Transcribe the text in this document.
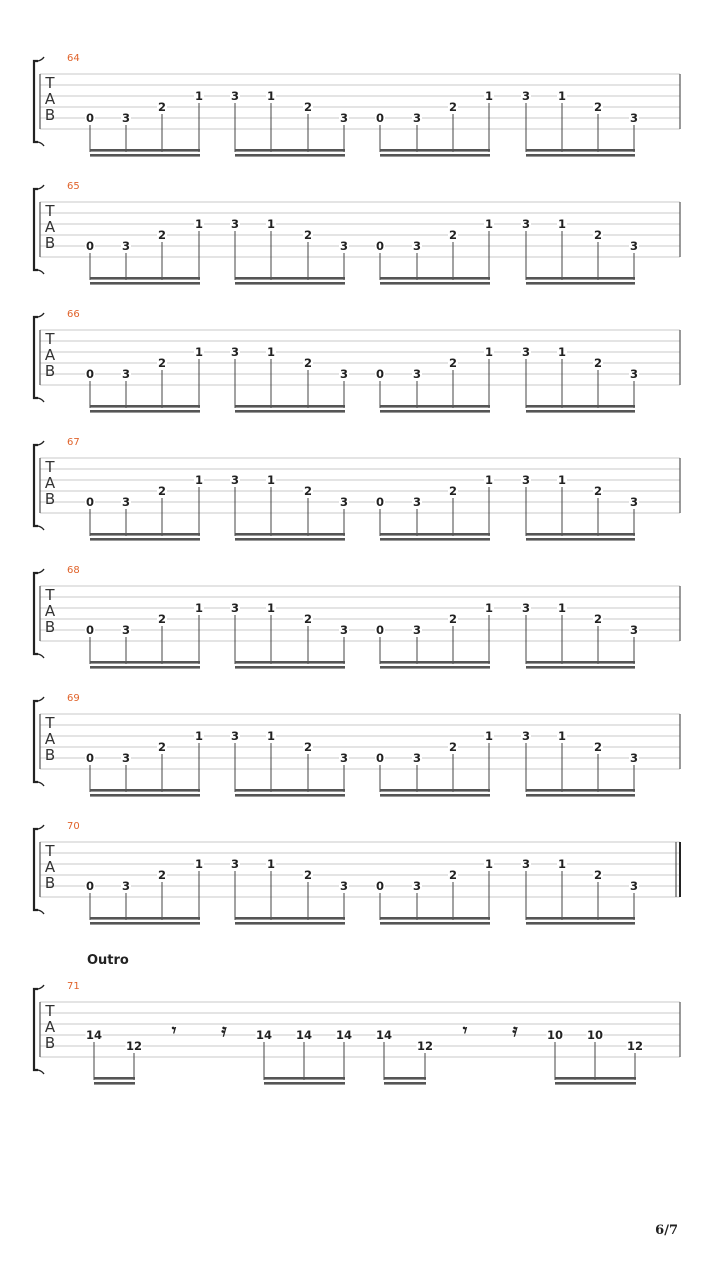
64
T
A
B	0 3
2
1 3 1
2
3 0	3
2
1	3 1
2
3
65
T
A
B	0 3
2
1 3 1
2
3 0	3
2
1	3 1
2
3
66
T
A
B	0 3
2
1 3 1
2
3 0	3
2
1	3 1
2
3
67
T
A
B	0 3
2
1 3 1
2
3 0	3
2
1	3 1
2
3
68
T
A
B	0 3
2
1 3 1
2
3 0	3
2
1	3 1
2
3
69
T
A
B	0 3
2
1 3 1
2
3 0	3
2
1	3 1
2
3
70
T
A
B	0 3
2
1 3 1
2
3 0	3
2
1	3 1
2
3
Outro
71
T
A
B	14
12
𝄾	𝄿	14 14 14 14
12
𝄾	𝄿	10 10
12
6/7
